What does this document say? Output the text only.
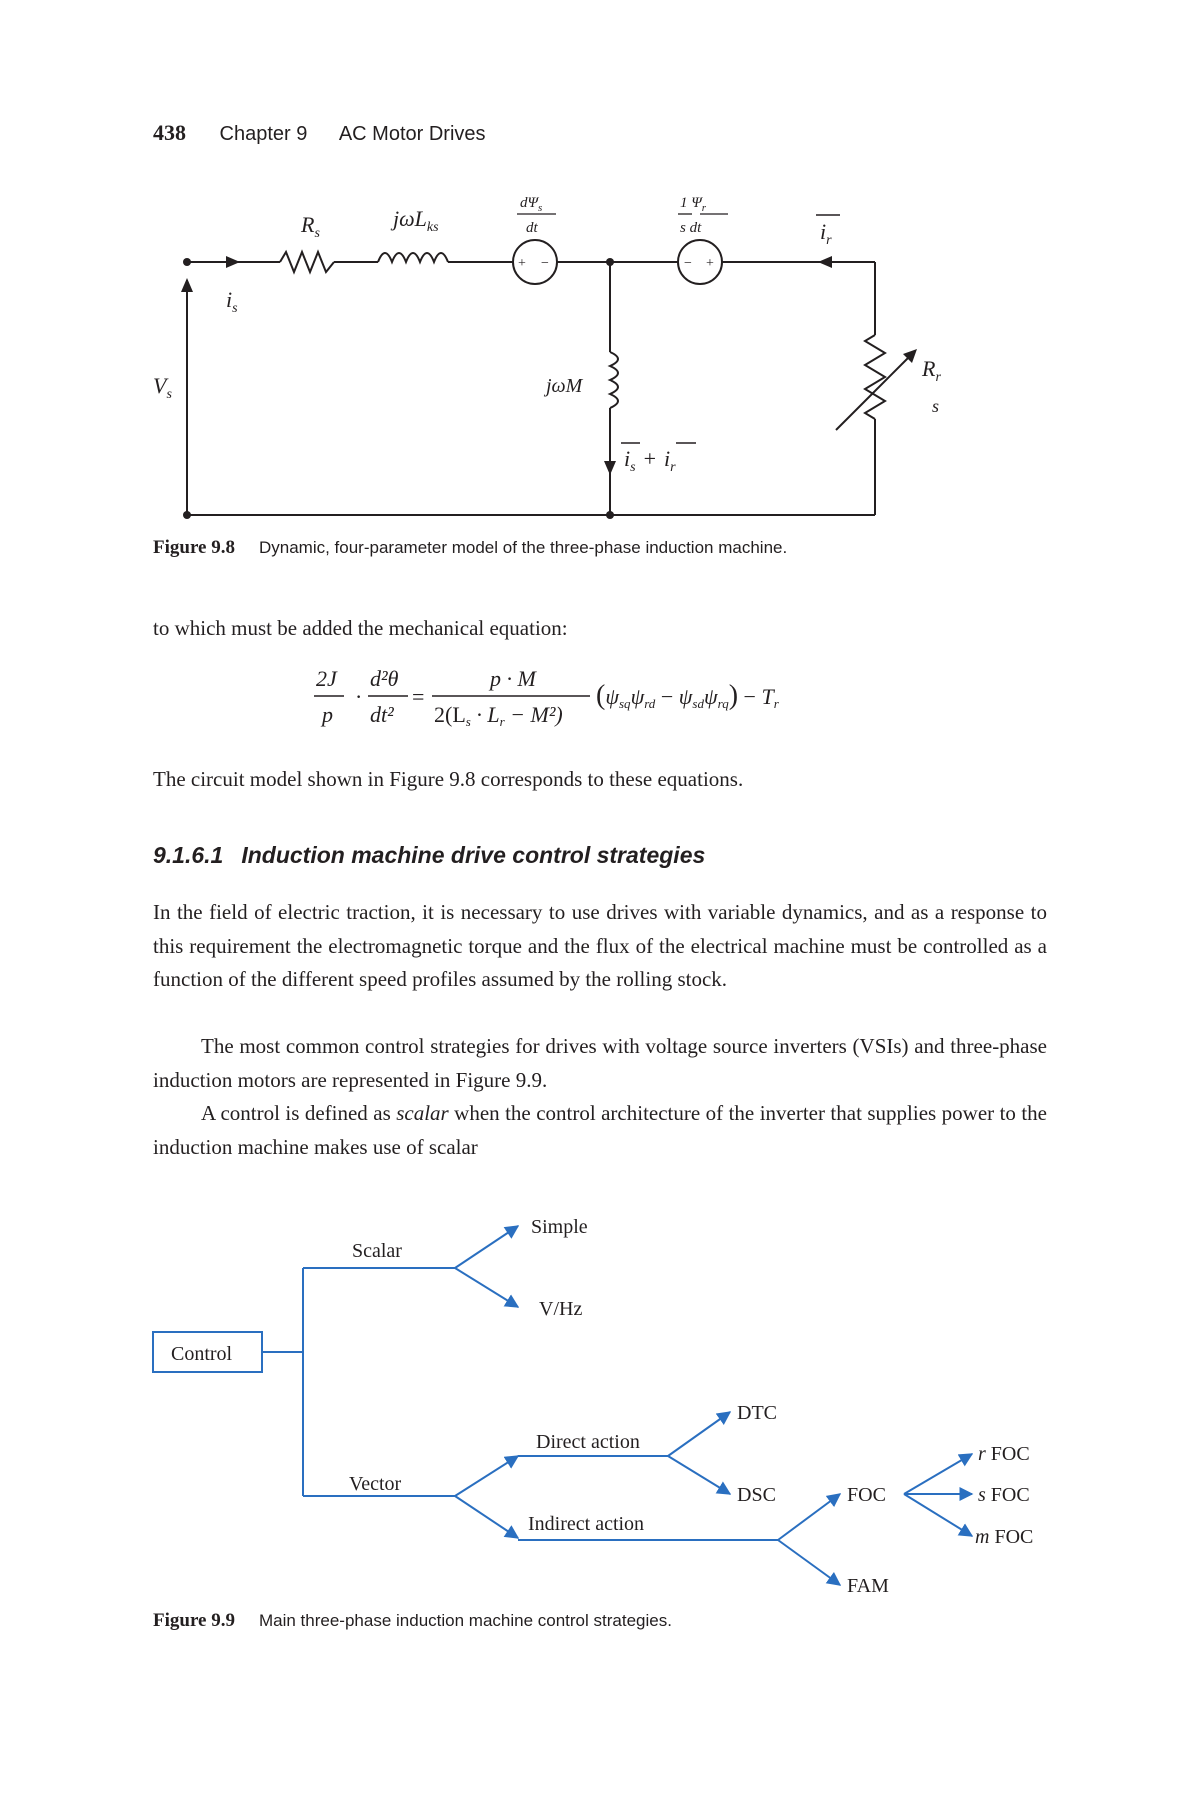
438 Chapter 9 AC Motor Drives
+ −	− +
$R_s$
jωL$_{ks}$
$d\Psi_s$
dt
1 $\Psi_r$
s dt	$i_r$
$i_s$
$V_s$	jωM
$R_r$
s
$i_s + i_r$
Figure 9.8 Dynamic, four-parameter model of the three-phase induction machine.
to which must be added the mechanical equation:
2J
p
·
d²θ
dt²
=
p · M
2(Ls · Lr − M²)
(ψsqψrd − ψsdψrq) − Tr
The circuit model shown in Figure 9.8 corresponds to these equations.
9.1.6.1 Induction machine drive control strategies
In the field of electric traction, it is necessary to use drives with variable dynamics, and as a response to this requirement the electromagnetic torque and the flux of the electrical machine must be controlled as a function of the different speed profiles assumed by the rolling stock.
The most common control strategies for drives with voltage source inverters (VSIs) and three-phase induction motors are represented in Figure 9.9.
A control is defined as scalar when the control architecture of the inverter that supplies power to the induction machine makes use of scalar
Control
Scalar
Simple
V/Hz
Vector
Direct action
Indirect action
DTC
DSC	FOC
FAM
r FOC
s FOC
m FOC
Figure 9.9 Main three-phase induction machine control strategies.
